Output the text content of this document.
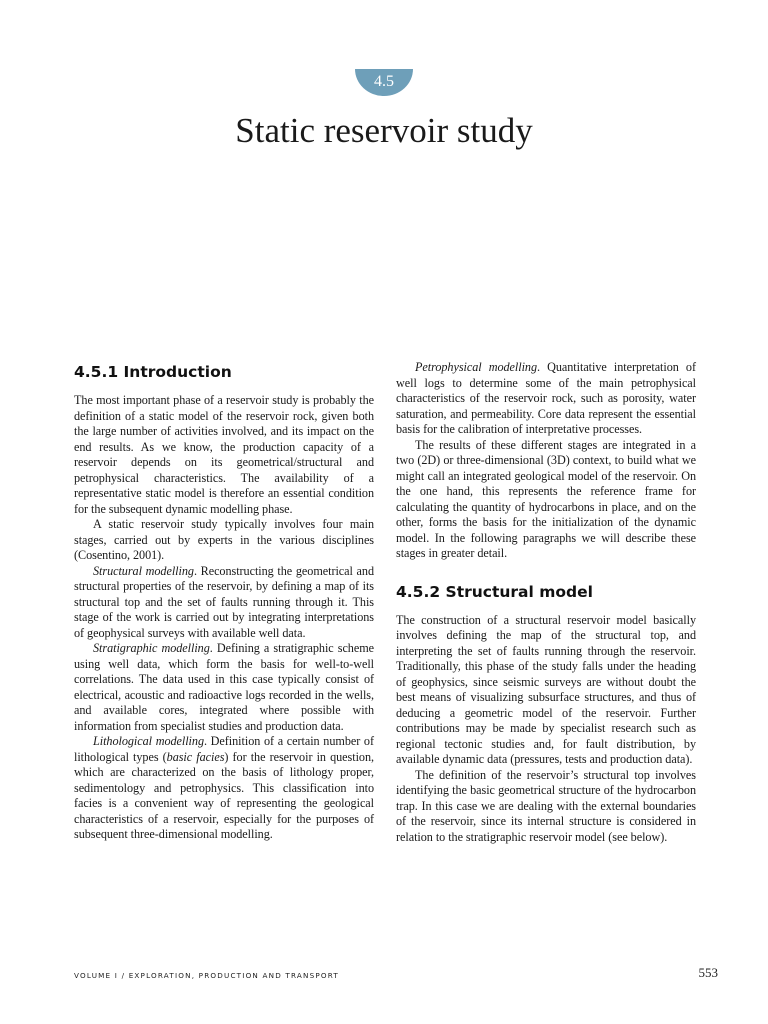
4.5
Static reservoir study
4.5.1 Introduction

The most important phase of a reservoir study is probably the definition of a static model of the reservoir rock, given both the large number of activities involved, and its impact on the end results. As we know, the production capacity of a reservoir depends on its geometrical/structural and petrophysical characteristics. The availability of a representative static model is therefore an essential condition for the subsequent dynamic modelling phase.

A static reservoir study typically involves four main stages, carried out by experts in the various disciplines (Cosentino, 2001).

Structural modelling. Reconstructing the geometrical and structural properties of the reservoir, by defining a map of its structural top and the set of faults running through it. This stage of the work is carried out by integrating interpretations of geophysical surveys with available well data.

Stratigraphic modelling. Defining a stratigraphic scheme using well data, which form the basis for well-to-well correlations. The data used in this case typically consist of electrical, acoustic and radioactive logs recorded in the wells, and available cores, integrated where possible with information from specialist studies and production data.

Lithological modelling. Definition of a certain number of lithological types (basic facies) for the reservoir in question, which are characterized on the basis of lithology proper, sedimentology and petrophysics. This classification into facies is a convenient way of representing the geological characteristics of a reservoir, especially for the purposes of subsequent three-dimensional modelling.

Petrophysical modelling. Quantitative interpretation of well logs to determine some of the main petrophysical characteristics of the reservoir rock, such as porosity, water saturation, and permeability. Core data represent the essential basis for the calibration of interpretative processes.

The results of these different stages are integrated in a two (2D) or three-dimensional (3D) context, to build what we might call an integrated geological model of the reservoir. On the one hand, this represents the reference frame for calculating the quantity of hydrocarbons in place, and on the other, forms the basis for the initialization of the dynamic model. In the following paragraphs we will describe these stages in greater detail.

4.5.2 Structural model

The construction of a structural reservoir model basically involves defining the map of the structural top, and interpreting the set of faults running through the reservoir. Traditionally, this phase of the study falls under the heading of geophysics, since seismic surveys are without doubt the best means of visualizing subsurface structures, and thus of deducing a geometric model of the reservoir. Further contributions may be made by specialist research such as regional tectonic studies and, for fault distribution, by available dynamic data (pressures, tests and production data).

The definition of the reservoir’s structural top involves identifying the basic geometrical structure of the hydrocarbon trap. In this case we are dealing with the external boundaries of the reservoir, since its internal structure is considered in relation to the stratigraphic reservoir model (see below).

VOLUME I / EXPLORATION, PRODUCTION AND TRANSPORT	553
